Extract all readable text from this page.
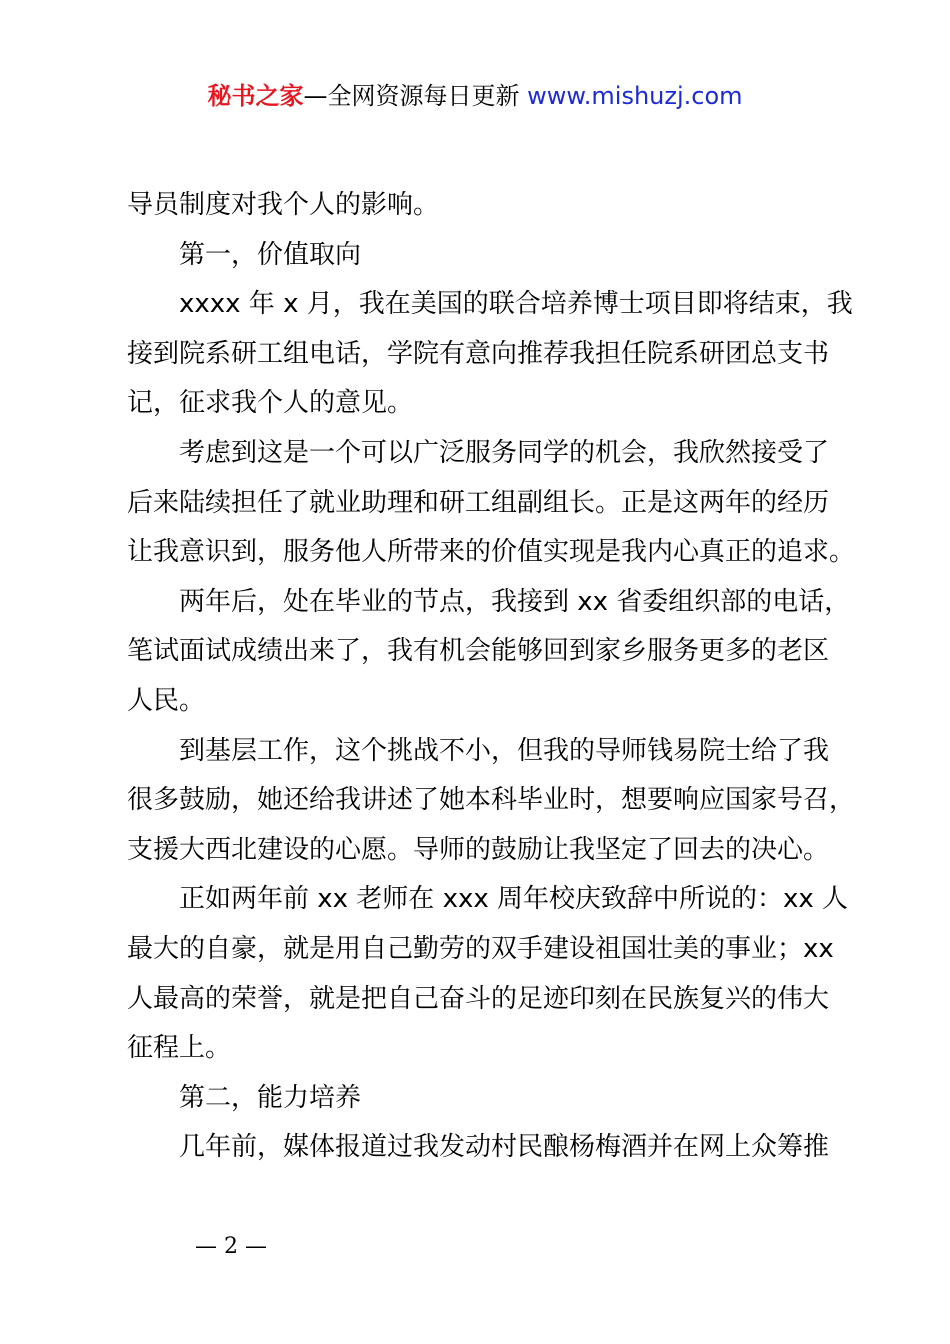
秘书之家—全网资源每日更新 www.mishuzj.com
导员制度对我个人的影响。
第一，价值取向
xxxx 年 x 月，我在美国的联合培养博士项目即将结束，我
接到院系研工组电话，学院有意向推荐我担任院系研团总支书
记，征求我个人的意见。
考虑到这是一个可以广泛服务同学的机会，我欣然接受了
后来陆续担任了就业助理和研工组副组长。正是这两年的经历
让我意识到，服务他人所带来的价值实现是我内心真正的追求。
两年后，处在毕业的节点，我接到 xx 省委组织部的电话，
笔试面试成绩出来了，我有机会能够回到家乡服务更多的老区
人民。
到基层工作，这个挑战不小，但我的导师钱易院士给了我
很多鼓励，她还给我讲述了她本科毕业时，想要响应国家号召，
支援大西北建设的心愿。导师的鼓励让我坚定了回去的决心。
正如两年前 xx 老师在 xxx 周年校庆致辞中所说的：xx 人
最大的自豪，就是用自己勤劳的双手建设祖国壮美的事业；xx
人最高的荣誉，就是把自己奋斗的足迹印刻在民族复兴的伟大
征程上。
第二，能力培养
几年前，媒体报道过我发动村民酿杨梅酒并在网上众筹推
— 2 —
